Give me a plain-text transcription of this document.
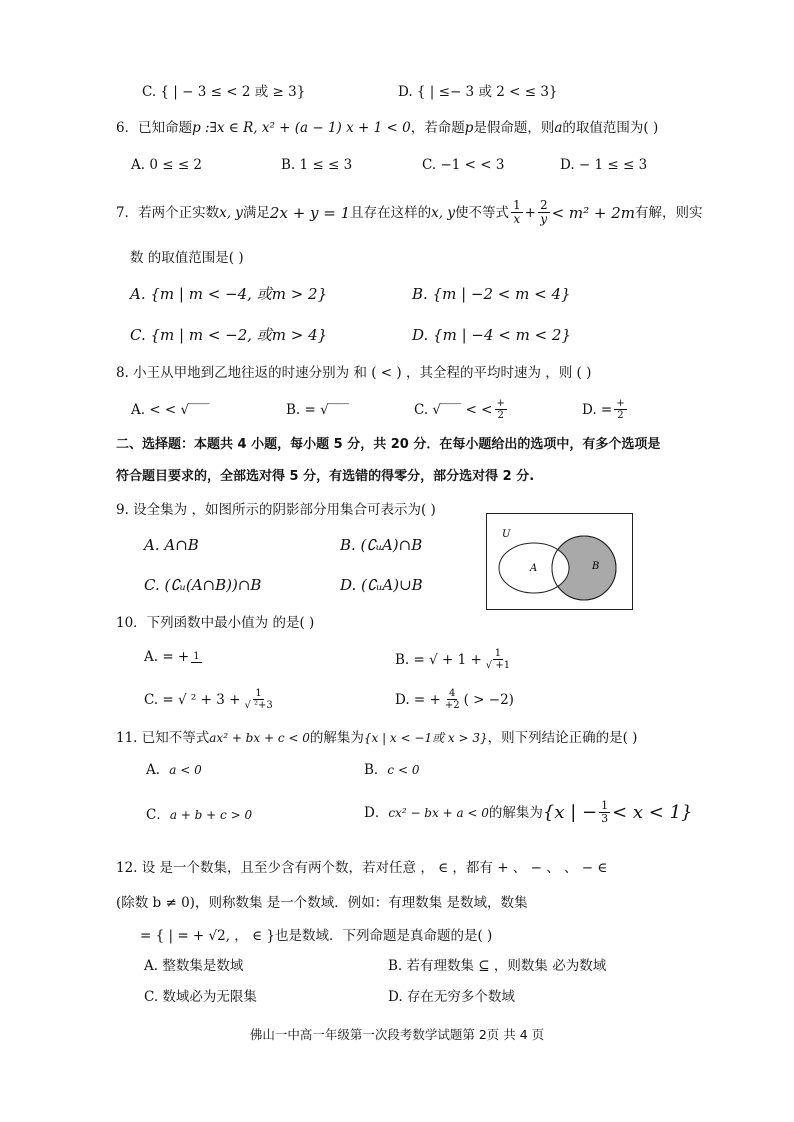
C. { | − 3 ≤ < 2 或 ≥ 3}	D. { | ≤− 3 或 2 < ≤ 3}
6．已知命题p :∃x ∈ R, x² + (a − 1) x + 1 < 0，若命题p是假命题，则a的取值范围为( )
A. 0 ≤ ≤ 2	B. 1 ≤ ≤ 3	C. −1 < < 3	D. − 1 ≤ ≤ 3
7．若两个正实数 x, y 满足 2x + y = 1 且存在这样的 x, y 使不等式 $\frac{1}{x} + \frac{2}{y} < m^2 + 2m$ 有解，则实
数 的取值范围是( )
A. {m | m < −4, 或m > 2}	B. {m | −2 < m < 4}
C. {m | m < −2, 或m > 4}	D. {m | −4 < m < 2}
8. 小王从甲地到乙地往返的时速分别为 和 ( < ) ，其全程的平均时速为 ，则 ( )
A. < < √‾‾‾	B. = √‾‾‾	C. √‾‾‾ < < $\frac{+}{2}$	D. = $\frac{+}{2}$
二、选择题：本题共 4 小题，每小题 5 分，共 20 分．在每小题给出的选项中，有多个选项是
符合题目要求的，全部选对得 5 分，有选错的得零分，部分选对得 2 分.
9. 设全集为 ，如图所示的阴影部分用集合可表示为( )
A. A∩B	B. (∁ᵤA)∩B
C. (∁ᵤ(A∩B))∩B	D. (∁ᵤA)∪B
U
A	B
10．下列函数中最小值为 的是( )
A. = + 1	B. = √ + $1 + \frac{1}{√ +1}$
C. = √ $^2 + 3 + \frac{1}{\text{√ ²+3}}$	D. = + $\frac{4}{+2}$ ( > −2)
11. 已知不等式ax² + bx + c < 0的解集为{x | x < −1或 x > 3}，则下列结论正确的是( )
A．a < 0	B．c < 0
C．a + b + c > 0	D． cx² − bx + a < 0 的解集为 {x | − $\frac{1}{3} < x < 1$}
12. 设 是一个数集，且至少含有两个数，若对任意 ， ∈ ，都有 + 、 − 、 、 − ∈
(除数 b ≠ 0)，则称数集 是一个数域．例如：有理数集 是数域，数集
= { | = + √2, ， ∈ }也是数域．下列命题是真命题的是( )
A. 整数集是数域	B. 若有理数集 ⊆ ，则数集 必为数域
C. 数域必为无限集	D. 存在无穷多个数域
佛山一中高一年级第一次段考数学试题第 2页 共 4 页
